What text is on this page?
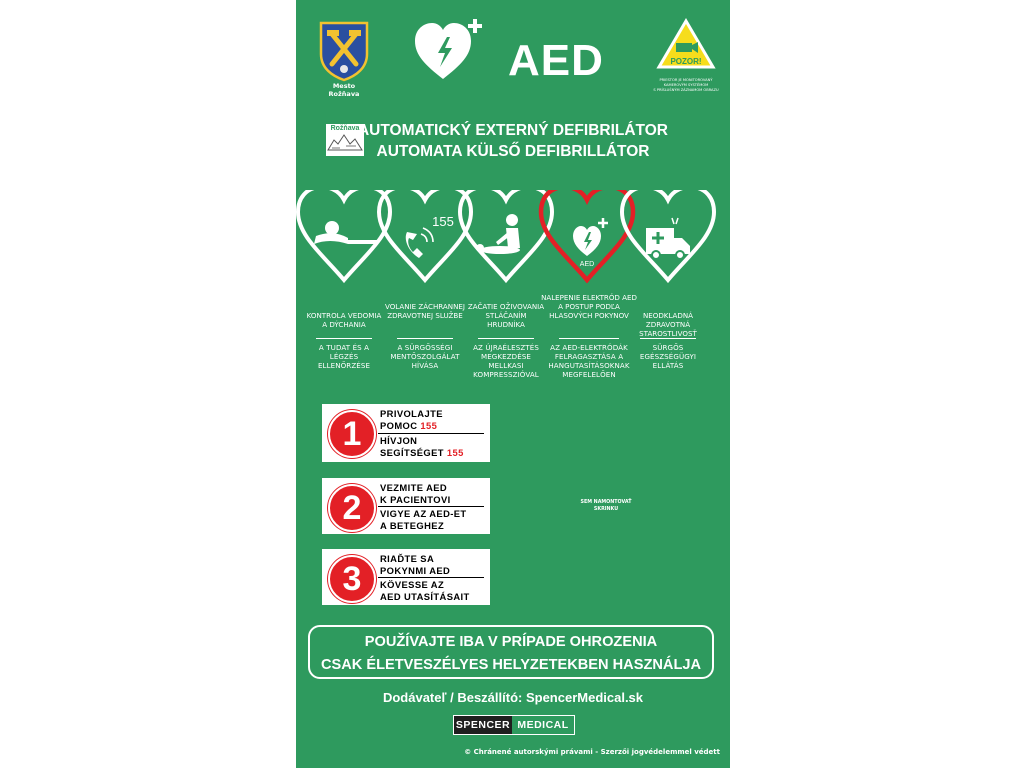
Mesto Rožňava
Rožňava
AED	POZOR!
PRIESTOR JE MONITOROVANÝ
KAMEROVÝM SYSTÉMOM
S PRÍSLUŠNÝM ZÁZNAMOM OBRAZU
AUTOMATICKÝ EXTERNÝ DEFIBRILÁTOR
AUTOMATA KÜLSŐ DEFIBRILLÁTOR
155
AED
KONTROLA VEDOMIA A DÝCHANIA
A TUDAT ÉS A LÉGZÉS ELLENŐRZÉSE
VOLANIE ZÁCHRANNEJ ZDRAVOTNEJ SLUŽBE
A SÜRGŐSSÉGI MENTŐSZOLGÁLAT HÍVÁSA
ZAČATIE OŽIVOVANIA STLÁČANÍM HRUDNÍKA
AZ ÚJRAÉLESZTÉS MEGKEZDÉSE MELLKASI KOMPRESSZIÓVAL
NALEPENIE ELEKTRÓD AED A POSTUP PODĽA HLASOVÝCH POKYNOV
AZ AED-ELEKTRÓDÁK FELRAGASZTÁSA A HANGUTASÍTÁSOKNAK MEGFELELŐEN
NEODKLADNÁ ZDRAVOTNÁ STAROSTLIVOSŤ
SÜRGŐS EGÉSZSÉGÜGYI ELLÁTÁS
1
PRIVOLAJTE
POMOC 155
HÍVJON
SEGÍTSÉGET 155
2
VEZMITE AED
K PACIENTOVI
VIGYE AZ AED-ET
A BETEGHEZ
3
RIAĎTE SA
POKYNMI AED
KÖVESSE AZ
AED UTASÍTÁSAIT
SEM NAMONTOVAŤ
SKRINKU
POUŽÍVAJTE IBA V PRÍPADE OHROZENIA
CSAK ÉLETVESZÉLYES HELYZETEKBEN HASZNÁLJA
Dodávateľ / Beszállító: SpencerMedical.sk
SPENCER MEDICAL
© Chránené autorskými právami - Szerzői jogvédelemmel védett
